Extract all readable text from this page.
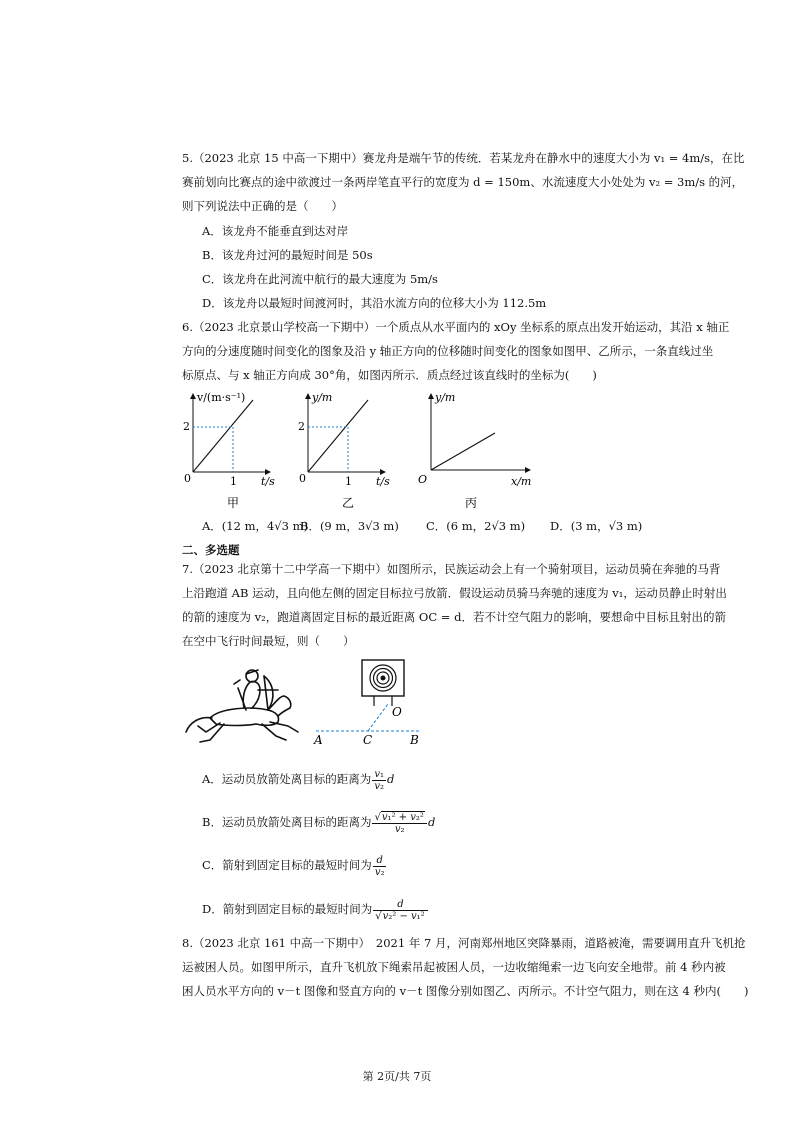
5.（2023 北京 15 中高一下期中）赛龙舟是端午节的传统．若某龙舟在静水中的速度大小为 v₁ = 4m/s，在比
赛前划向比赛点的途中欲渡过一条两岸笔直平行的宽度为 d = 150m、水流速度大小处处为 v₂ = 3m/s 的河，
则下列说法中正确的是（　　）
A．该龙舟不能垂直到达对岸
B．该龙舟过河的最短时间是 50s
C．该龙舟在此河流中航行的最大速度为 5m/s
D．该龙舟以最短时间渡河时，其沿水流方向的位移大小为 112.5m
6.（2023 北京景山学校高一下期中）一个质点从水平面内的 xOy 坐标系的原点出发开始运动，其沿 x 轴正
方向的分速度随时间变化的图象及沿 y 轴正方向的位移随时间变化的图象如图甲、乙所示，一条直线过坐
标原点、与 x 轴正方向成 30°角，如图丙所示．质点经过该直线时的坐标为(　　)
v/(m·s⁻¹)
2
1 t/s
0
甲
y/m
2
1 t/s
0
乙
y/m
x/m
O
丙
A．(12 m，4√3 m)
B．(9 m，3√3 m) C．(6 m，2√3 m) D．(3 m，√3 m)
二、多选题
7.（2023 北京第十二中学高一下期中）如图所示，民族运动会上有一个骑射项目，运动员骑在奔驰的马背
上沿跑道 AB 运动，且向他左侧的固定目标拉弓放箭．假设运动员骑马奔驰的速度为 v₁，运动员静止时射出
的箭的速度为 v₂，跑道离固定目标的最近距离 OC = d．若不计空气阻力的影响，要想命中目标且射出的箭
在空中飞行时间最短，则（　　）
O
A	C	B
A．运动员放箭处离目标的距离为 $\frac{\text{v₁}}{\text{v₂}}$ d
B．运动员放箭处离目标的距离为 $\frac{\text{√v₁² + v₂²}}{\text{v₂}}$ d
C．箭射到固定目标的最短时间为 $\frac{d}{\text{v₂}}$
D．箭射到固定目标的最短时间为 $\frac{d}{\text{√v₂² − v₁²}}$
8.（2023 北京 161 中高一下期中）　2021 年 7 月，河南郑州地区突降暴雨，道路被淹，需要调用直升飞机抢
运被困人员。如图甲所示，直升飞机放下绳索吊起被困人员，一边收缩绳索一边飞向安全地带。前 4 秒内被
困人员水平方向的 v－t 图像和竖直方向的 v－t 图像分别如图乙、丙所示。不计空气阻力，则在这 4 秒内(　　)
第 2页/共 7页
